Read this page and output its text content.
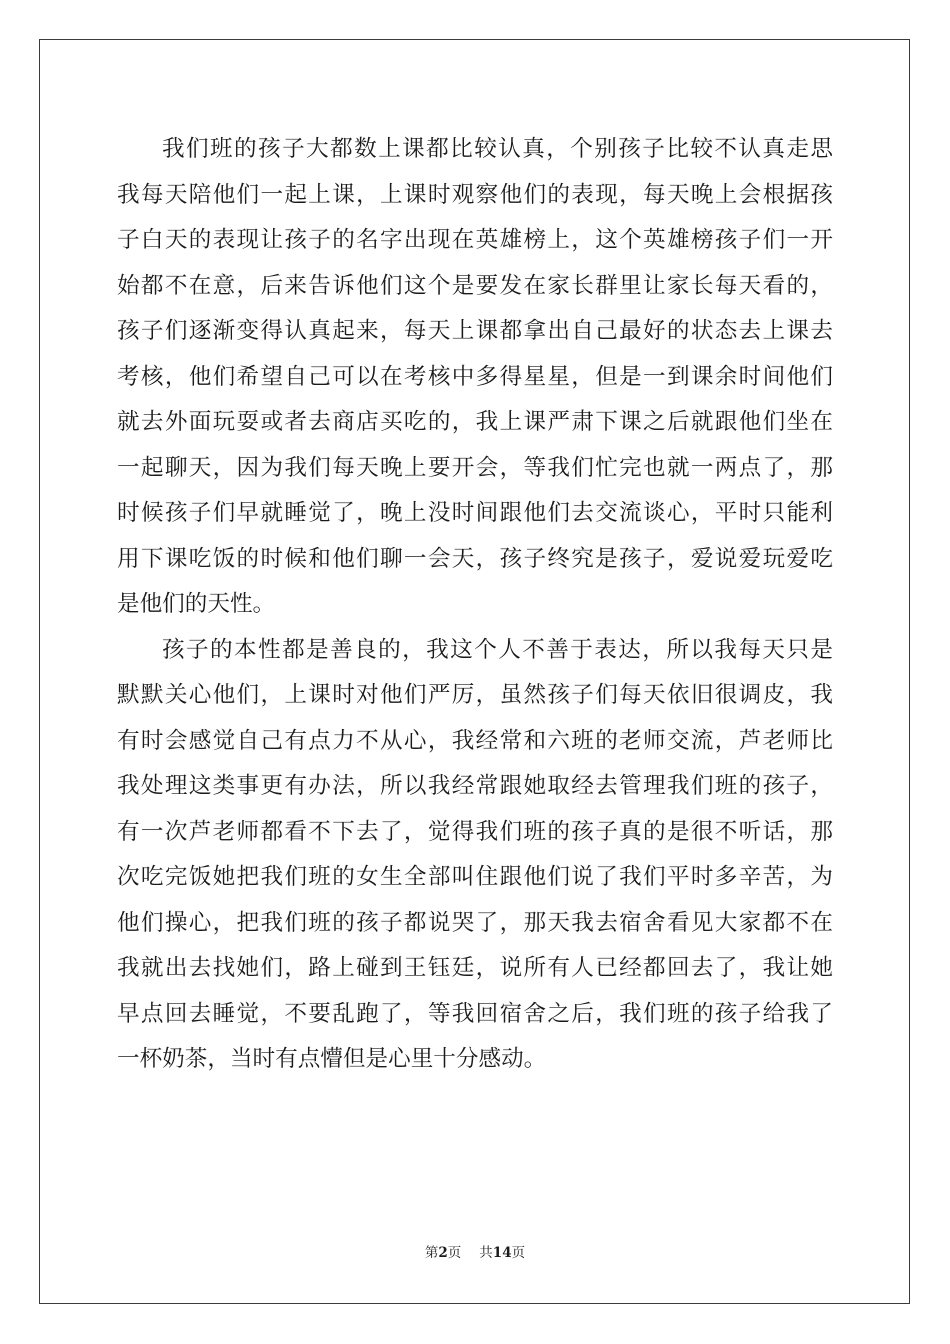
我们班的孩子大都数上课都比较认真，个别孩子比较不认真走思
我每天陪他们一起上课，上课时观察他们的表现，每天晚上会根据孩
子白天的表现让孩子的名字出现在英雄榜上，这个英雄榜孩子们一开
始都不在意，后来告诉他们这个是要发在家长群里让家长每天看的，
孩子们逐渐变得认真起来，每天上课都拿出自己最好的状态去上课去
考核，他们希望自己可以在考核中多得星星，但是一到课余时间他们
就去外面玩耍或者去商店买吃的，我上课严肃下课之后就跟他们坐在
一起聊天，因为我们每天晚上要开会，等我们忙完也就一两点了，那
时候孩子们早就睡觉了，晚上没时间跟他们去交流谈心，平时只能利
用下课吃饭的时候和他们聊一会天，孩子终究是孩子，爱说爱玩爱吃
是他们的天性。
孩子的本性都是善良的，我这个人不善于表达，所以我每天只是
默默关心他们，上课时对他们严厉，虽然孩子们每天依旧很调皮，我
有时会感觉自己有点力不从心，我经常和六班的老师交流，芦老师比
我处理这类事更有办法，所以我经常跟她取经去管理我们班的孩子，
有一次芦老师都看不下去了，觉得我们班的孩子真的是很不听话，那
次吃完饭她把我们班的女生全部叫住跟他们说了我们平时多辛苦，为
他们操心，把我们班的孩子都说哭了，那天我去宿舍看见大家都不在
我就出去找她们，路上碰到王钰廷，说所有人已经都回去了，我让她
早点回去睡觉，不要乱跑了，等我回宿舍之后，我们班的孩子给我了
一杯奶茶，当时有点懵但是心里十分感动。
第2页 共14页
